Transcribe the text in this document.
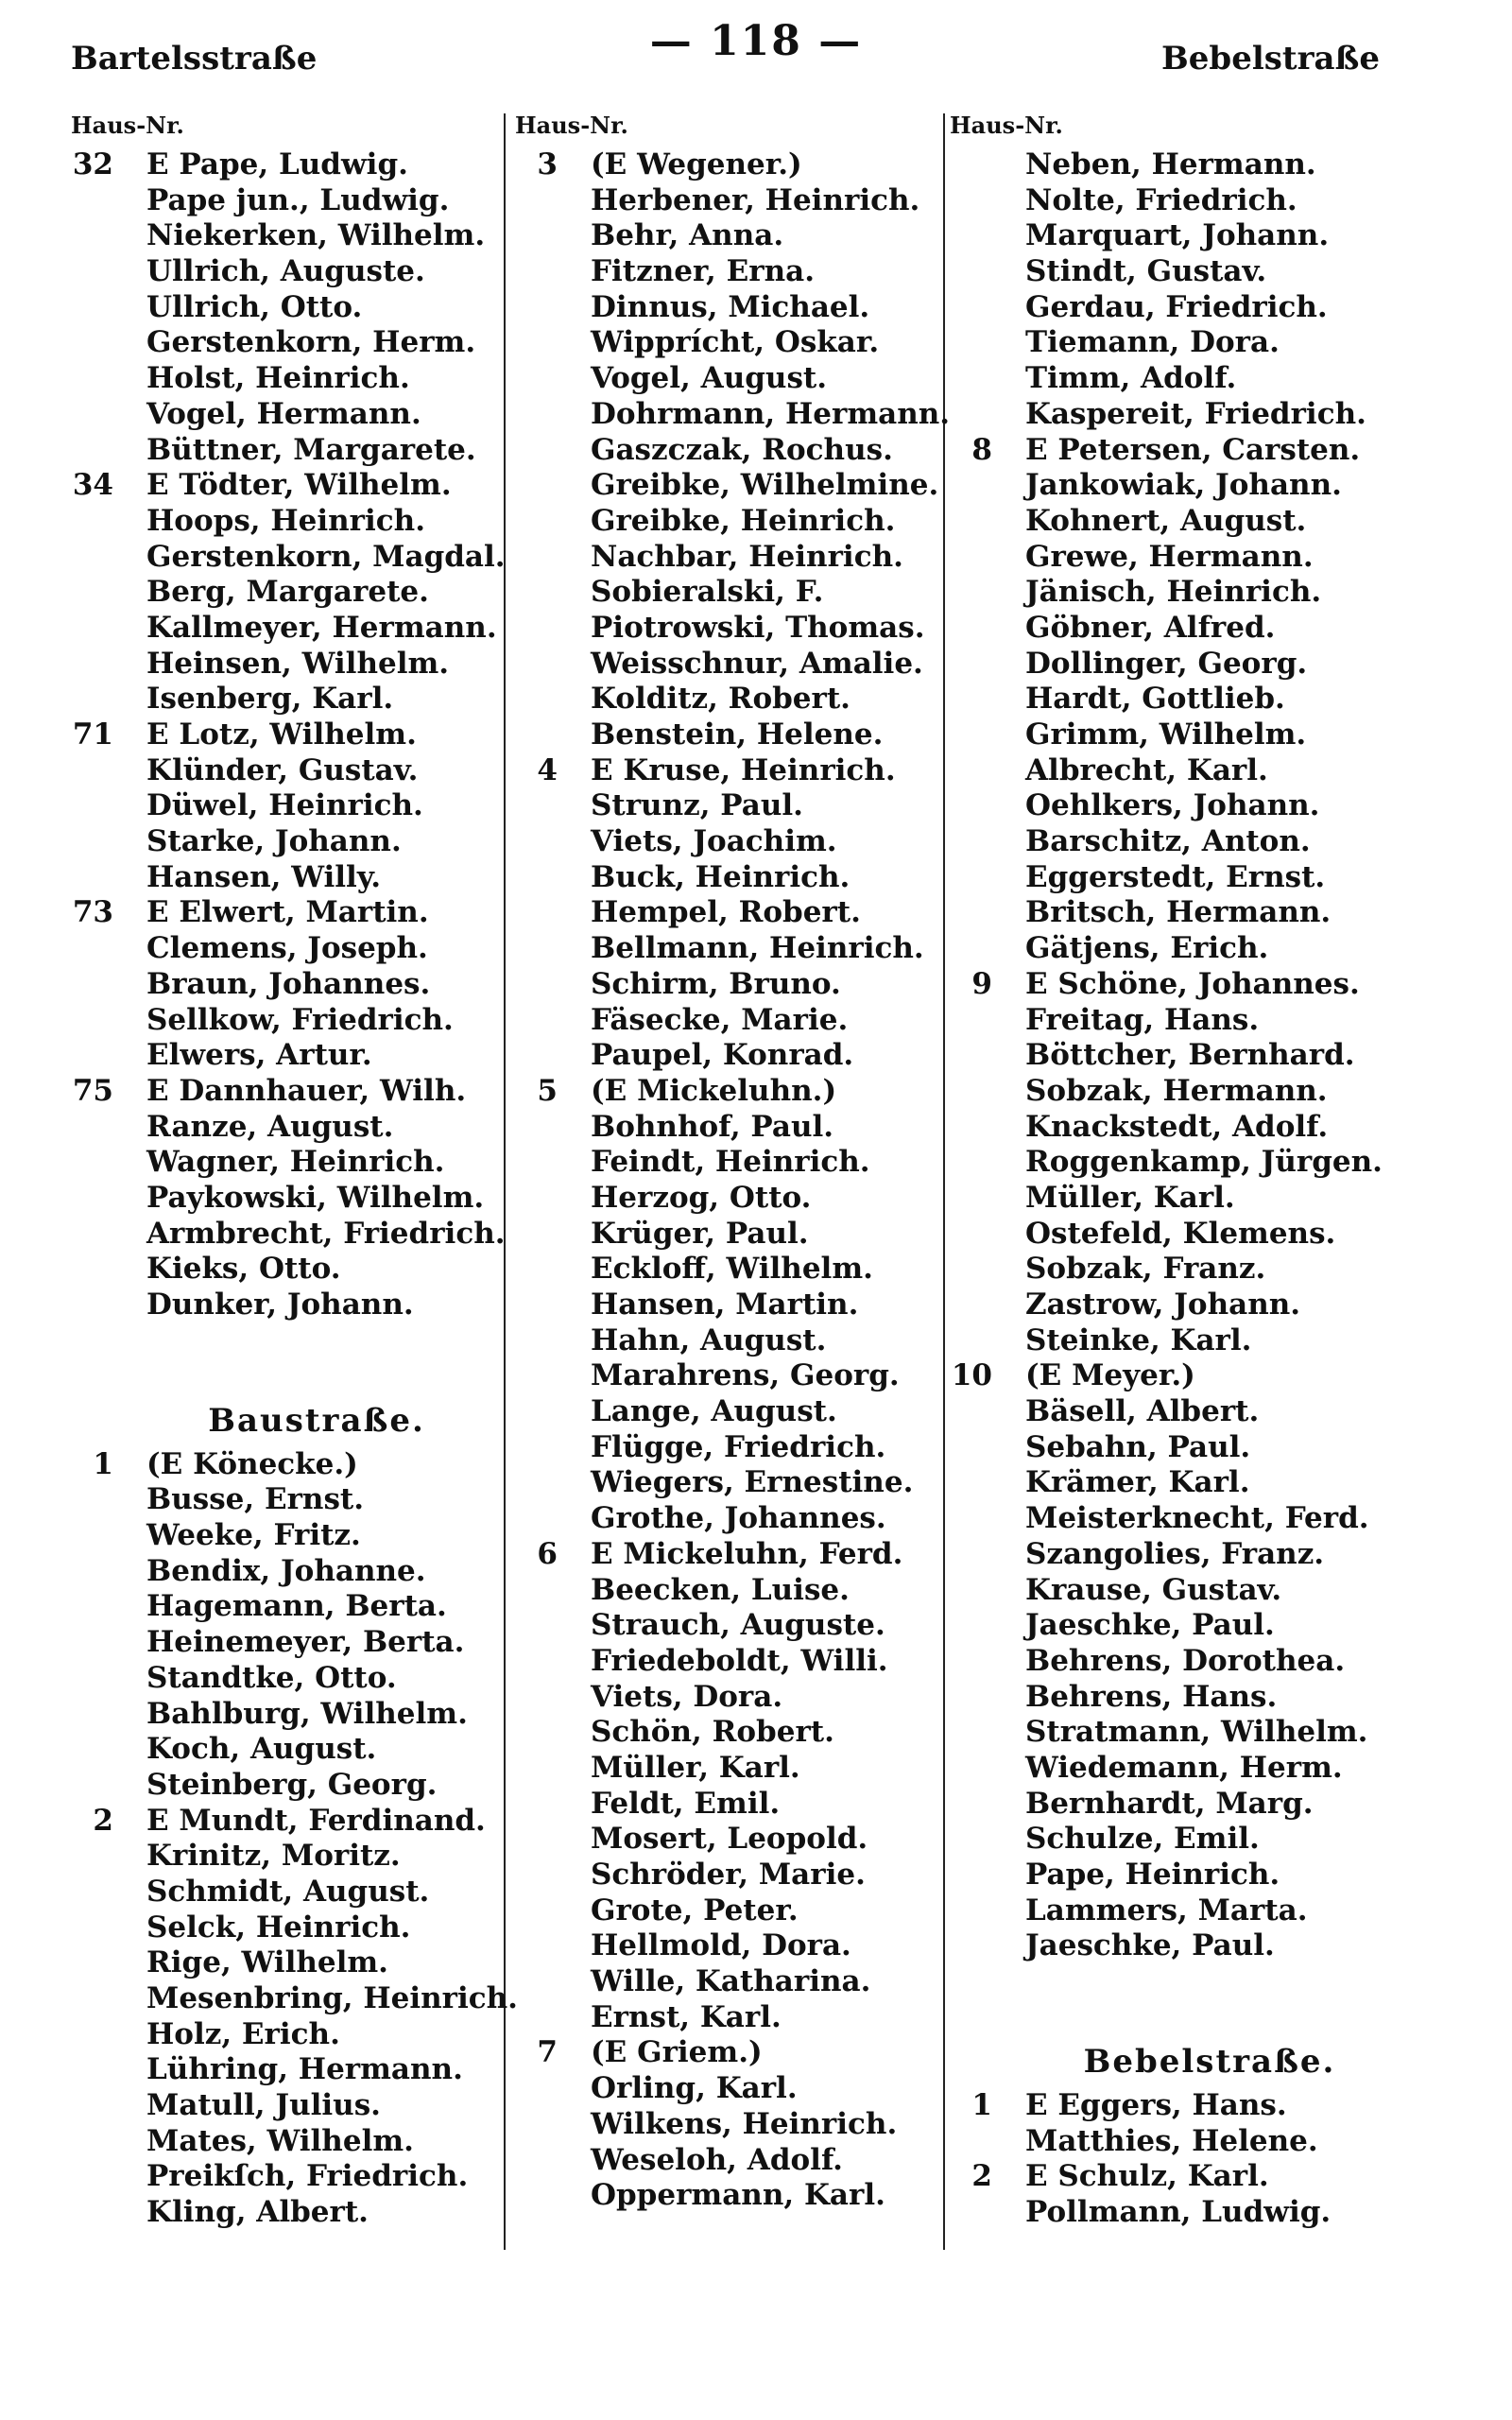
Bartelsstraße	— 118 —	Bebelstraße
Haus-Nr.
32 E Pape, Ludwig.
Pape jun., Ludwig.
Niekerken, Wilhelm.
Ullrich, Auguste.
Ullrich, Otto.
Gerstenkorn, Herm.
Holst, Heinrich.
Vogel, Hermann.
Büttner, Margarete.
34 E Tödter, Wilhelm.
Hoops, Heinrich.
Gerstenkorn, Magdal.
Berg, Margarete.
Kallmeyer, Hermann.
Heinsen, Wilhelm.
Isenberg, Karl.
71 E Lotz, Wilhelm.
Klünder, Gustav.
Düwel, Heinrich.
Starke, Johann.
Hansen, Willy.
73 E Elwert, Martin.
Clemens, Joseph.
Braun, Johannes.
Sellkow, Friedrich.
Elwers, Artur.
75 E Dannhauer, Wilh.
Ranze, August.
Wagner, Heinrich.
Paykowski, Wilhelm.
Armbrecht, Friedrich.
Kieks, Otto.
Dunker, Johann.
Baustraße.
1 (E Könecke.)
Busse, Ernst.
Weeke, Fritz.
Bendix, Johanne.
Hagemann, Berta.
Heinemeyer, Berta.
Standtke, Otto.
Bahlburg, Wilhelm.
Koch, August.
Steinberg, Georg.
2 E Mundt, Ferdinand.
Krinitz, Moritz.
Schmidt, August.
Selck, Heinrich.
Rige, Wilhelm.
Mesenbring, Heinrich.
Holz, Erich.
Lühring, Hermann.
Matull, Julius.
Mates, Wilhelm.
Preikſch, Friedrich.
Kling, Albert.
Haus-Nr.
3 (E Wegener.)
Herbener, Heinrich.
Behr, Anna.
Fitzner, Erna.
Dinnus, Michael.
Wipprícht, Oskar.
Vogel, August.
Dohrmann, Hermann.
Gaszczak, Rochus.
Greibke, Wilhelmine.
Greibke, Heinrich.
Nachbar, Heinrich.
Sobieralski, F.
Piotrowski, Thomas.
Weisschnur, Amalie.
Kolditz, Robert.
Benstein, Helene.
4 E Kruse, Heinrich.
Strunz, Paul.
Viets, Joachim.
Buck, Heinrich.
Hempel, Robert.
Bellmann, Heinrich.
Schirm, Bruno.
Fäsecke, Marie.
Paupel, Konrad.
5 (E Mickeluhn.)
Bohnhof, Paul.
Feindt, Heinrich.
Herzog, Otto.
Krüger, Paul.
Eckloff, Wilhelm.
Hansen, Martin.
Hahn, August.
Marahrens, Georg.
Lange, August.
Flügge, Friedrich.
Wiegers, Ernestine.
Grothe, Johannes.
6 E Mickeluhn, Ferd.
Beecken, Luise.
Strauch, Auguste.
Friedeboldt, Willi.
Viets, Dora.
Schön, Robert.
Müller, Karl.
Feldt, Emil.
Mosert, Leopold.
Schröder, Marie.
Grote, Peter.
Hellmold, Dora.
Wille, Katharina.
Ernst, Karl.
7 (E Griem.)
Orling, Karl.
Wilkens, Heinrich.
Weseloh, Adolf.
Oppermann, Karl.
Haus-Nr.
Neben, Hermann.
Nolte, Friedrich.
Marquart, Johann.
Stindt, Gustav.
Gerdau, Friedrich.
Tiemann, Dora.
Timm, Adolf.
Kaspereit, Friedrich.
8 E Petersen, Carsten.
Jankowiak, Johann.
Kohnert, August.
Grewe, Hermann.
Jänisch, Heinrich.
Göbner, Alfred.
Dollinger, Georg.
Hardt, Gottlieb.
Grimm, Wilhelm.
Albrecht, Karl.
Oehlkers, Johann.
Barschitz, Anton.
Eggerstedt, Ernst.
Britsch, Hermann.
Gätjens, Erich.
9 E Schöne, Johannes.
Freitag, Hans.
Böttcher, Bernhard.
Sobzak, Hermann.
Knackstedt, Adolf.
Roggenkamp, Jürgen.
Müller, Karl.
Ostefeld, Klemens.
Sobzak, Franz.
Zastrow, Johann.
Steinke, Karl.
10 (E Meyer.)
Bäsell, Albert.
Sebahn, Paul.
Krämer, Karl.
Meisterknecht, Ferd.
Szangolies, Franz.
Krause, Gustav.
Jaeschke, Paul.
Behrens, Dorothea.
Behrens, Hans.
Stratmann, Wilhelm.
Wiedemann, Herm.
Bernhardt, Marg.
Schulze, Emil.
Pape, Heinrich.
Lammers, Marta.
Jaeschke, Paul.
Bebelstraße.
1 E Eggers, Hans.
Matthies, Helene.
2 E Schulz, Karl.
Pollmann, Ludwig.
